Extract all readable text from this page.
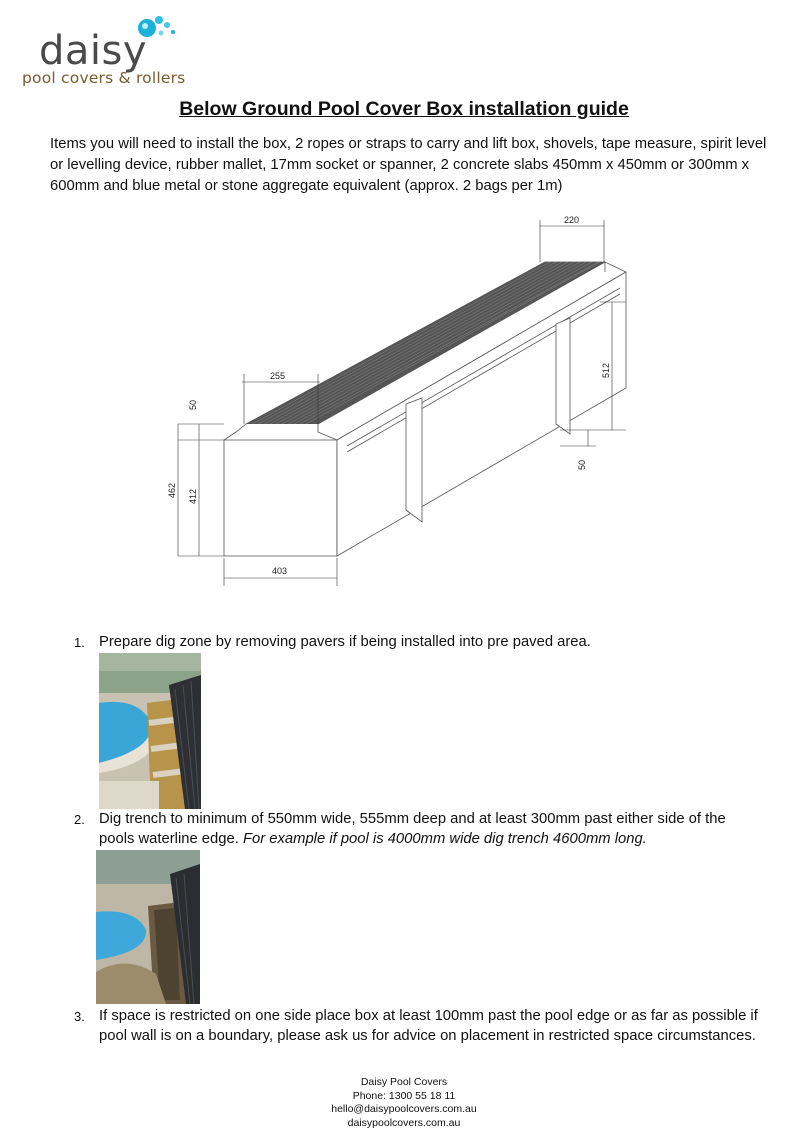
daisy
pool covers & rollers
Below Ground Pool Cover Box installation guide
Items you will need to install the box, 2 ropes or straps to carry and lift box, shovels, tape measure, spirit level or levelling device, rubber mallet, 17mm socket or spanner, 2 concrete slabs 450mm x 450mm or 300mm x 600mm and blue metal or stone aggregate equivalent (approx. 2 bags per 1m)
220
255
403
50
462 412
512
50
1. Prepare dig zone by removing pavers if being installed into pre paved area.
2. Dig trench to minimum of 550mm wide, 555mm deep and at least 300mm past either side of the pools waterline edge. For example if pool is 4000mm wide dig trench 4600mm long.
3. If space is restricted on one side place box at least 100mm past the pool edge or as far as possible if pool wall is on a boundary, please ask us for advice on placement in restricted space circumstances.
Daisy Pool Covers
Phone: 1300 55 18 11
hello@daisypoolcovers.com.au
daisypoolcovers.com.au
